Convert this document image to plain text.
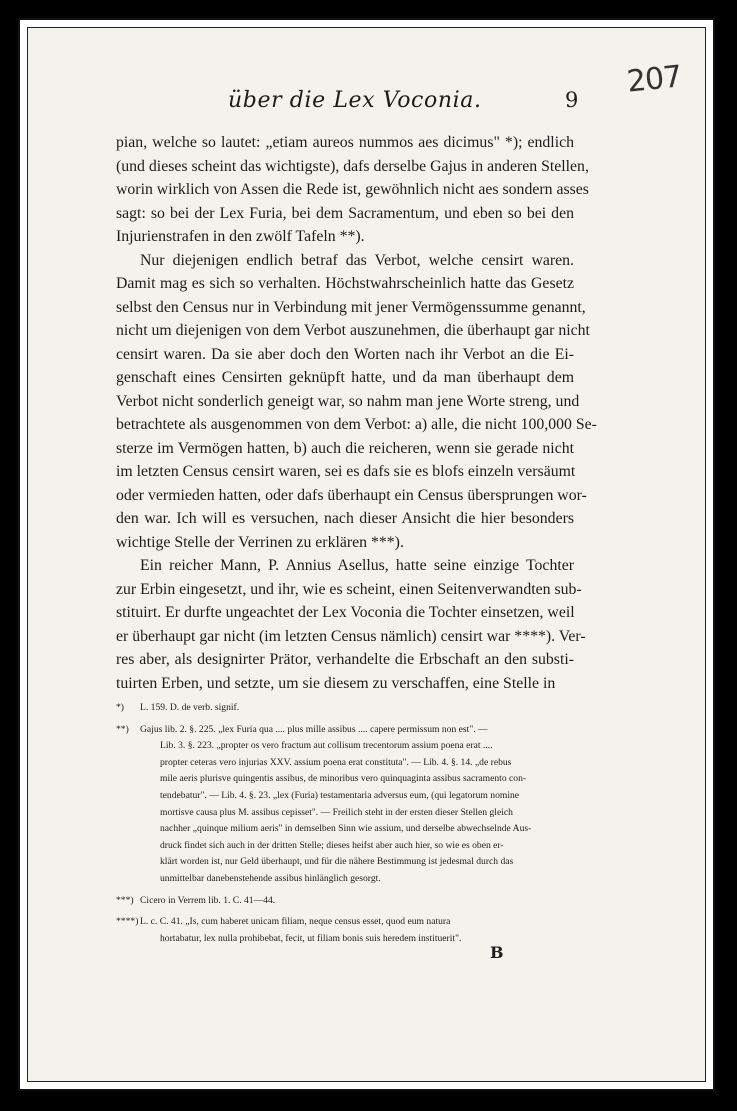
207
über die Lex Voconia.	9

pian, welche so lautet: „etiam aureos nummos aes dicimus" *); endlich
(und dieses scheint das wichtigste), dafs derselbe Gajus in anderen Stellen,
worin wirklich von Assen die Rede ist, gewöhnlich nicht aes sondern asses
sagt: so bei der Lex Furia, bei dem Sacramentum, und eben so bei den
Injurienstrafen in den zwölf Tafeln **).

Nur diejenigen endlich betraf das Verbot, welche censirt waren.
Damit mag es sich so verhalten. Höchstwahrscheinlich hatte das Gesetz
selbst den Census nur in Verbindung mit jener Vermögenssumme genannt,
nicht um diejenigen von dem Verbot auszunehmen, die überhaupt gar nicht
censirt waren. Da sie aber doch den Worten nach ihr Verbot an die Ei-
genschaft eines Censirten geknüpft hatte, und da man überhaupt dem
Verbot nicht sonderlich geneigt war, so nahm man jene Worte streng, und
betrachtete als ausgenommen von dem Verbot: a) alle, die nicht 100,000 Se-
sterze im Vermögen hatten, b) auch die reicheren, wenn sie gerade nicht
im letzten Census censirt waren, sei es dafs sie es blofs einzeln versäumt
oder vermieden hatten, oder dafs überhaupt ein Census übersprungen wor-
den war. Ich will es versuchen, nach dieser Ansicht die hier besonders
wichtige Stelle der Verrinen zu erklären ***).

Ein reicher Mann, P. Annius Asellus, hatte seine einzige Tochter
zur Erbin eingesetzt, und ihr, wie es scheint, einen Seitenverwandten sub-
stituirt. Er durfte ungeachtet der Lex Voconia die Tochter einsetzen, weil
er überhaupt gar nicht (im letzten Census nämlich) censirt war ****). Ver-
res aber, als designirter Prätor, verhandelte die Erbschaft an den substi-
tuirten Erben, und setzte, um sie diesem zu verschaffen, eine Stelle in

*) L. 159. D. de verb. signif.
**) Gajus lib. 2. §. 225. „lex Furia qua .... plus mille assibus .... capere permissum non est". —
Lib. 3. §. 223. „propter os vero fractum aut collisum trecentorum assium poena erat ....
propter ceteras vero injurias XXV. assium poena erat constituta". — Lib. 4. §. 14. „de rebus
mile aeris plurisve quingentis assibus, de minoribus vero quinquaginta assibus sacramento con-
tendebatur". — Lib. 4. §. 23. „lex (Furia) testamentaria adversus eum, (qui legatorum nomine
mortisve causa plus M. assibus cepisset". — Freilich steht in der ersten dieser Stellen gleich
nachher „quinque milium aeris" in demselben Sinn wie assium, und derselbe abwechselnde Aus-
druck findet sich auch in der dritten Stelle; dieses heifst aber auch hier, so wie es oben er-
klärt worden ist, nur Geld überhaupt, und für die nähere Bestimmung ist jedesmal durch das
unmittelbar danebenstehende assibus hinlänglich gesorgt.
***) Cicero in Verrem lib. 1. C. 41—44.
****) L. c. C. 41. „Is, cum haberet unicam filiam, neque census esset, quod eum natura
hortabatur, lex nulla prohibebat, fecit, ut filiam bonis suis heredem instituerit".
B
